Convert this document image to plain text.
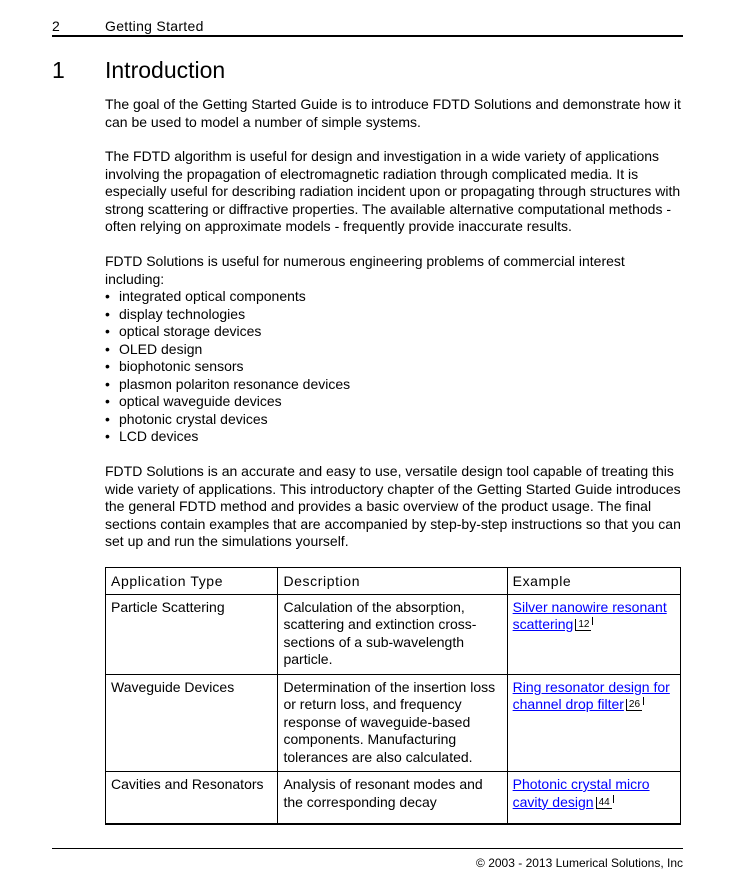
2	Getting Started
1 Introduction

The goal of the Getting Started Guide is to introduce FDTD Solutions and demonstrate how it can be used to model a number of simple systems.

The FDTD algorithm is useful for design and investigation in a wide variety of applications involving the propagation of electromagnetic radiation through complicated media. It is especially useful for describing radiation incident upon or propagating through structures with strong scattering or diffractive properties. The available alternative computational methods - often relying on approximate models - frequently provide inaccurate results.

FDTD Solutions is useful for numerous engineering problems of commercial interest including:

• integrated optical components
• display technologies
• optical storage devices
• OLED design
• biophotonic sensors
• plasmon polariton resonance devices
• optical waveguide devices
• photonic crystal devices
• LCD devices

FDTD Solutions is an accurate and easy to use, versatile design tool capable of treating this wide variety of applications. This introductory chapter of the Getting Started Guide introduces the general FDTD method and provides a basic overview of the product usage. The final sections contain examples that are accompanied by step-by-step instructions so that you can set up and run the simulations yourself.

Application Type	Description	Example
Particle Scattering	Calculation of the absorption, scattering and extinction cross-sections of a sub-wavelength particle.	Silver nanowire resonant scattering 12
Waveguide Devices	Determination of the insertion loss or return loss, and frequency response of waveguide-based components. Manufacturing tolerances are also calculated.	Ring resonator design for channel drop filter 26
Cavities and Resonators	Analysis of resonant modes and the corresponding decay	Photonic crystal micro cavity design 44
© 2003 - 2013 Lumerical Solutions, Inc
